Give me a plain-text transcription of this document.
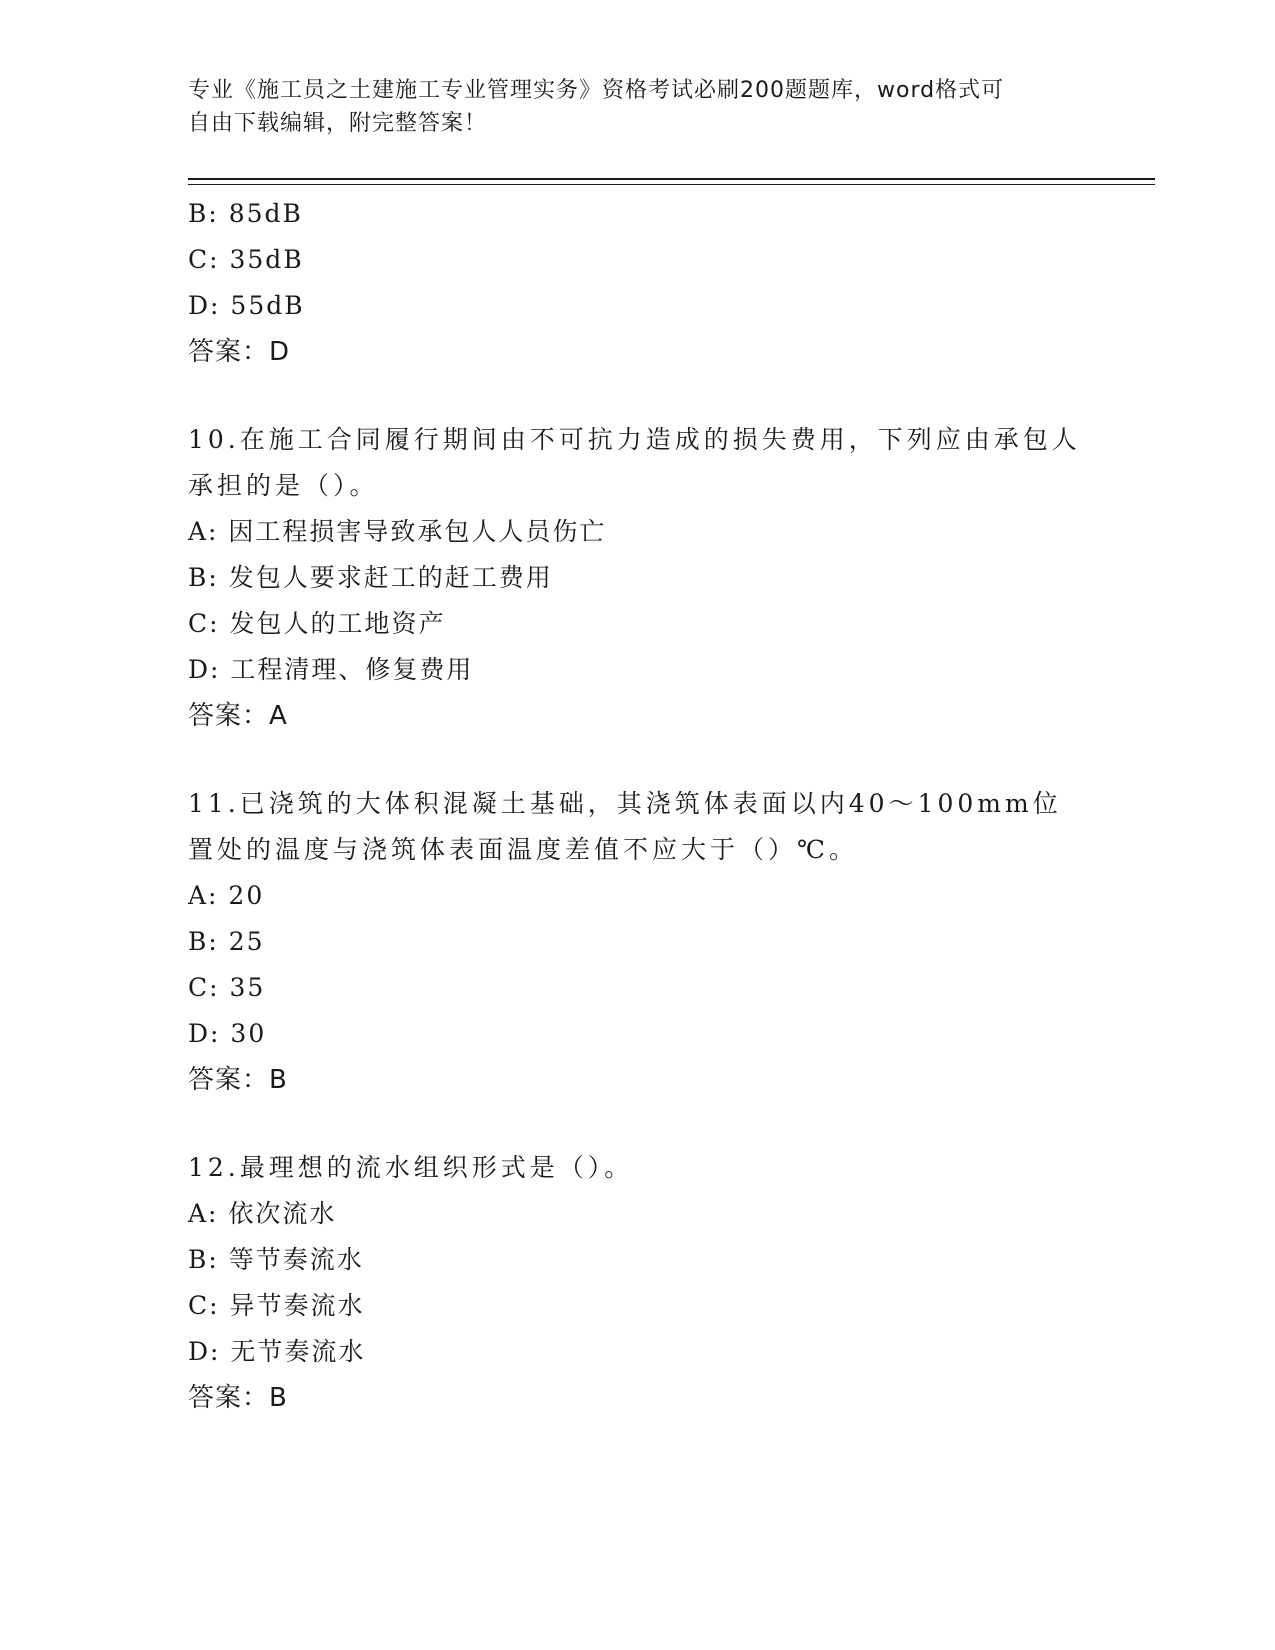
专业《施工员之土建施工专业管理实务》资格考试必刷200题题库，word格式可
自由下载编辑，附完整答案！
B: 85dB
C: 35dB
D: 55dB
答案：D
10.在施工合同履行期间由不可抗力造成的损失费用，下列应由承包人承担的是（）。
A: 因工程损害导致承包人人员伤亡
B: 发包人要求赶工的赶工费用
C: 发包人的工地资产
D: 工程清理、修复费用
答案：A
11.已浇筑的大体积混凝土基础，其浇筑体表面以内40～100mm位置处的温度与浇筑体表面温度差值不应大于（）℃。
A: 20
B: 25
C: 35
D: 30
答案：B
12.最理想的流水组织形式是（）。
A: 依次流水
B: 等节奏流水
C: 异节奏流水
D: 无节奏流水
答案：B
